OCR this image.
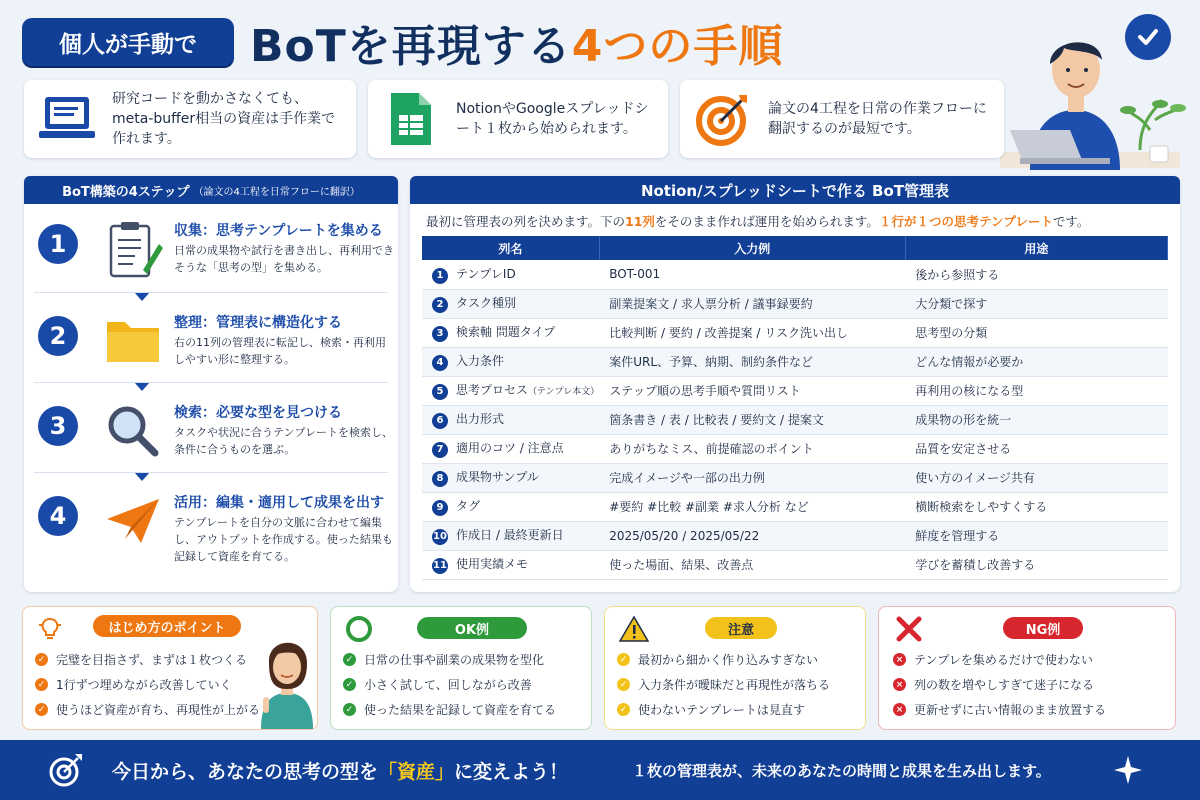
個人が手動で	BoTを再現する 4つの手順
研究コードを動かさなくても、meta-buffer相当の資産は手作業で作れます。
NotionやGoogleスプレッドシート１枚から始められます。
論文の4工程を日常の作業フローに翻訳するのが最短です。
BoT構築の4ステップ （論文の4工程を日常フローに翻訳）
1	収集：思考テンプレートを集める
日常の成果物や試行を書き出し、再利用できそうな「思考の型」を集める。
2	整理：管理表に構造化する
右の11列の管理表に転記し、検索・再利用しやすい形に整理する。
3	検索：必要な型を見つける
タスクや状況に合うテンプレートを検索し、条件に合うものを選ぶ。
4	活用：編集・適用して成果を出す
テンプレートを自分の文脈に合わせて編集し、アウトプットを作成する。使った結果も記録して資産を育てる。
Notion/スプレッドシートで作る BoT管理表
最初に管理表の列を決めます。下の11列をそのまま作れば運用を始められます。１行が１つの思考テンプレートです。
列名	入力例	用途
1 テンプレID	BOT-001	後から参照する
2 タスク種別	副業提案文 / 求人票分析 / 議事録要約	大分類で探す
3 検索軸 問題タイプ	比較判断 / 要約 / 改善提案 / リスク洗い出し	思考型の分類
4 入力条件	案件URL、予算、納期、制約条件など	どんな情報が必要か
5 思考プロセス（テンプレ本文）	ステップ順の思考手順や質問リスト	再利用の核になる型
6 出力形式	箇条書き / 表 / 比較表 / 要約文 / 提案文	成果物の形を統一
7 適用のコツ / 注意点	ありがちなミス、前提確認のポイント	品質を安定させる
8 成果物サンプル	完成イメージや一部の出力例	使い方のイメージ共有
9 タグ	#要約 #比較 #副業 #求人分析 など	横断検索をしやすくする
10 作成日 / 最終更新日	2025/05/20 / 2025/05/22	鮮度を管理する
11 使用実績メモ	使った場面、結果、改善点	学びを蓄積し改善する
はじめ方のポイント
✓ 完璧を目指さず、まずは１枚つくる
✓ 1行ずつ埋めながら改善していく
✓ 使うほど資産が育ち、再現性が上がる
OK例
✓ 日常の仕事や副業の成果物を型化
✓ 小さく試して、回しながら改善
✓ 使った結果を記録して資産を育てる
注意
✓ 最初から細かく作り込みすぎない
✓ 入力条件が曖昧だと再現性が落ちる
✓ 使わないテンプレートは見直す
NG例
× テンプレを集めるだけで使わない
× 列の数を増やしすぎて迷子になる
× 更新せずに古い情報のまま放置する
今日から、あなたの思考の型を「資産」に変えよう！	１枚の管理表が、未来のあなたの時間と成果を生み出します。
